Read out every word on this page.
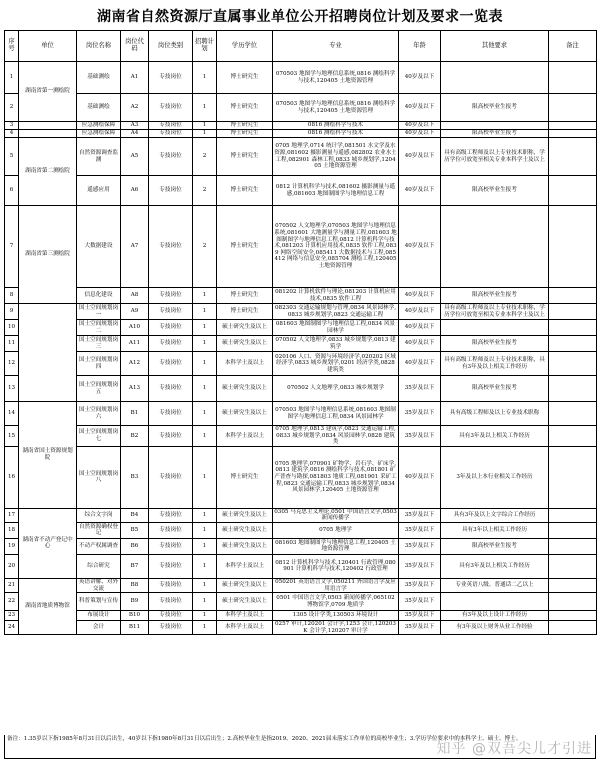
湖南省自然资源厅直属事业单位公开招聘岗位计划及要求一览表
序号	单位	岗位名称	岗位代码	岗位类别	招聘计划	学历学位	专业	年龄	其他要求	备注
1	湖南省第一测绘院	基础测绘	A1	专技岗位	1	博士研究生	070503 地图学与地理信息系统,0816 测绘科学与技术,120405 土地资源管理	40岁及以下		
2		基础测绘	A2	专技岗位	1	博士研究生	070503 地图学与地理信息系统,0816 测绘科学与技术,120405 土地资源管理	40岁及以下	限高校毕业生报考	
3		应急测绘保障	A3	专技岗位	1	博士研究生	0816 测绘科学与技术	40岁及以下		
4		应急测绘保障	A4	专技岗位	1	博士研究生	0816 测绘科学与技术	40岁及以下	限高校毕业生报考	
5	湖南省第二测绘院	自然资源调查监测	A5	专技岗位	2	博士研究生	0705 地理学,0714 统计学,081501 水文学及水资源,081602 摄影测量与遥感,082802 农业水土工程,082901 森林工程,0833 城乡规划学,120405 土地资源管理	40岁及以下	具有高级工程师及以上专业技术职称，学历学位可放宽至相关专业本科学士及以上	
6		遥感应用	A6	专技岗位	2	博士研究生	0812 计算机科学与技术,081602 摄影测量与遥感,081603 地图制图学与地理信息工程	40岁及以下	限高校毕业生报考	
7	湖南省第三测绘院	大数据建设	A7	专技岗位	2	博士研究生	070502 人文地理学,070503 地图学与地理信息系统,081601 大地测量学与测量工程,081603 地图制图学与地理信息工程,0812 计算机科学与技术,081203 计算机应用技术,0835 软件工程,0839 网络空间安全,085411 大数据技术与工程,085412 网络与信息安全,085704 测绘工程,120405 土地资源管理	40岁及以下		
8		信息化建设	A8	专技岗位	1	博士研究生	081202 计算机软件与理论,081203 计算机应用技术,0835 软件工程	40岁及以下	限高校毕业生报考	
9		国土空间规划岗一	A9	专技岗位	1	博士研究生	082303 交通运输规划与管理,0834 风景园林学,0833 城乡规划学,0823 交通运输工程	40岁及以下	具有高级工程师及以上专业技术职称，学历学位可放宽至相关专业本科学士及以上	
10		国土空间规划岗二	A10	专技岗位	1	硕士研究生及以上	081603 地图制图学与地理信息工程,0834 风景园林学	40岁及以下		
11		国土空间规划岗三	A11	专技岗位	1	硕士研究生及以上	070502 人文地理学,0833 城乡规划学,0813 建筑学	40岁及以下	限高校毕业生报考	
12		国土空间规划岗四	A12	专技岗位	1	本科学士及以上	020106 人口、资源与环境经济学,020202 区域经济学,0833 城乡规划学,0201 经济学类,0828 建筑类	40岁及以下	具有高级工程师及以上专业技术职称，具有3年及以上相关工作经历	
13		国土空间规划岗五	A13	专技岗位	1	硕士研究生及以上	070502 人文地理学,0833 城乡规划学	35岁及以下	限高校毕业生报考	
14	湖南省国土资源规划院	国土空间规划岗六	B1	专技岗位	1	硕士研究生及以上	070503 地图学与地理信息系统,081603 地图制图学与地理信息工程,0834 风景园林学	35岁及以下	具有高级工程师及以上专业技术职称	
15		国土空间规划岗七	B2	专技岗位	1	本科学士及以上	0705 地理学,0813 建筑学,0823 交通运输工程,0833 城乡规划学,0834 风景园林学,0828 建筑类	35岁及以下	具有3年及以上相关工作经历	
16		国土空间规划岗八	B3	专技岗位	1	博士研究生	0705 地理学,070901 矿物学、岩石学、矿床学,0813 建筑学,0816 测绘科学与技术,081801 矿产普查与勘探,081803 地质工程,081901 采矿工程,0823 交通运输工程,0833 城乡规划学,0834 风景园林学,120405 土地资源管理	40岁及以下	3年及以上本行业相关工作经历	
17	湖南省不动产登记中心	综合文字岗	B4	专技岗位	1	硕士研究生及以上	0305 马克思主义理论,0501 中国语言文学,0503 新闻传播学	35岁及以下	具有3年及以上文字综合工作经历	
18		自然资源确权登记	B5	专技岗位	1	硕士研究生及以上	0705 地理学	35岁及以下	具有3年以上相关工作经历	
19		不动产权属调查	B6	专技岗位	1	硕士研究生及以上	081603 地图制图学与地理信息工程,120405 土地资源管理	35岁及以下	限高校毕业生报考	
20		综合研究	B7	专技岗位	1	本科学士及以上	0812 计算机科学与技术,120401 行政管理,080901 计算机科学与技术,120402 行政管理	35岁及以下	具有3年及以上相关工作经历	
21	湖南省地质博物馆	英语讲解、对外交流	B8	专技岗位	1	硕士研究生及以上	050201 英语语言文学,050211 外国语言学及应用语言学	35岁及以下	专业英语八级、普通话二乙以上	
22		科普策划与宣传	B9	专技岗位	1	硕士研究生及以上	0501 中国语言文学,0503 新闻传播学,065102 博物馆学,0709 地质学	35岁及以下		
23		布展设计	B10	专技岗位	1	本科学士及以上	1305 设计学类,130503 环境设计	35岁及以下	有3年及以上设计工作经历	
24		会计	B11	专技岗位	1	本科学士及以上	0257 审计,120201 会计学,1253 会计,120203K 会计学,120207 审计学	35岁及以下	有3年及以上财务从业工作经验	
备注：1.35岁以下指1985年8月31日以后出生，40岁以下指1980年8月31日以后出生；2.高校毕业生是指2019、2020、2021届未落实工作单位的高校毕业生；3.学历学位要求中的本科学士、硕士、博士。
知乎 @双吾尖儿才引进
